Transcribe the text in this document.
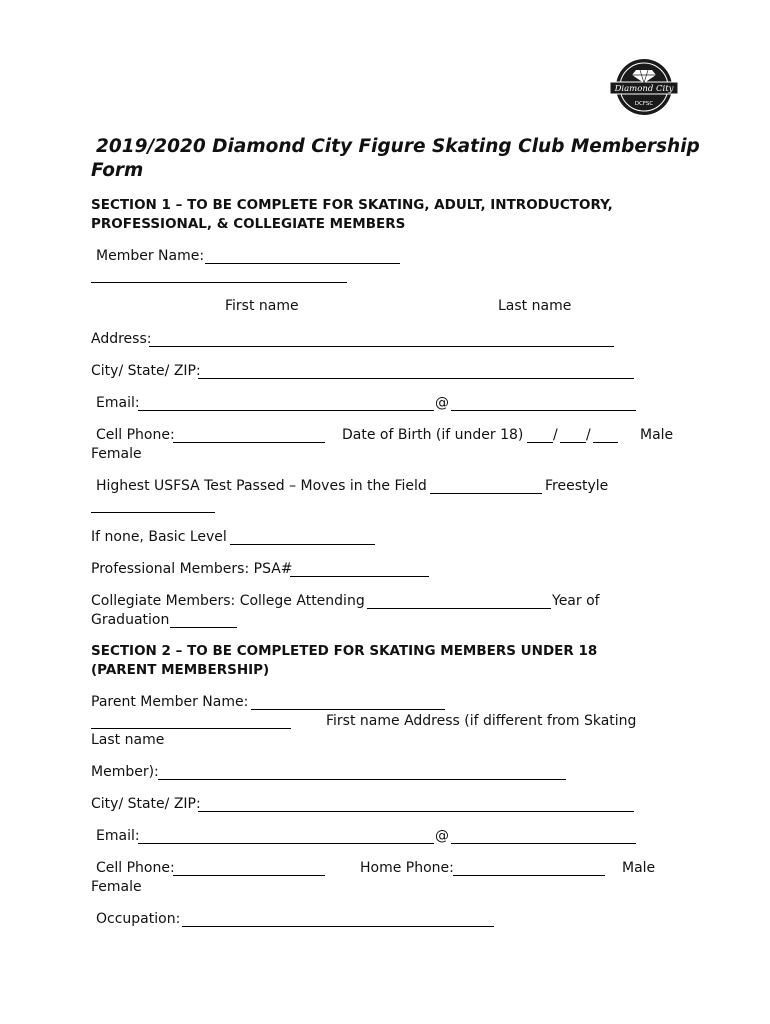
Diamond City
DCFSC
2019/2020 Diamond City Figure Skating Club Membership
Form
SECTION 1 – TO BE COMPLETE FOR SKATING, ADULT, INTRODUCTORY,
PROFESSIONAL, & COLLEGIATE MEMBERS
Member Name:
First name	Last name
Address:
City/ State/ ZIP:
Email:	@
Cell Phone:	Date of Birth (if under 18) / /	Male
Female
Highest USFSA Test Passed – Moves in the Field	Freestyle
If none, Basic Level
Professional Members: PSA#
Collegiate Members: College Attending	Year of
Graduation
SECTION 2 – TO BE COMPLETED FOR SKATING MEMBERS UNDER 18
(PARENT MEMBERSHIP)
Parent Member Name:
First name Address (if different from Skating
Last name
Member):
City/ State/ ZIP:
Email:	@
Cell Phone:	Home Phone:	Male
Female
Occupation:
